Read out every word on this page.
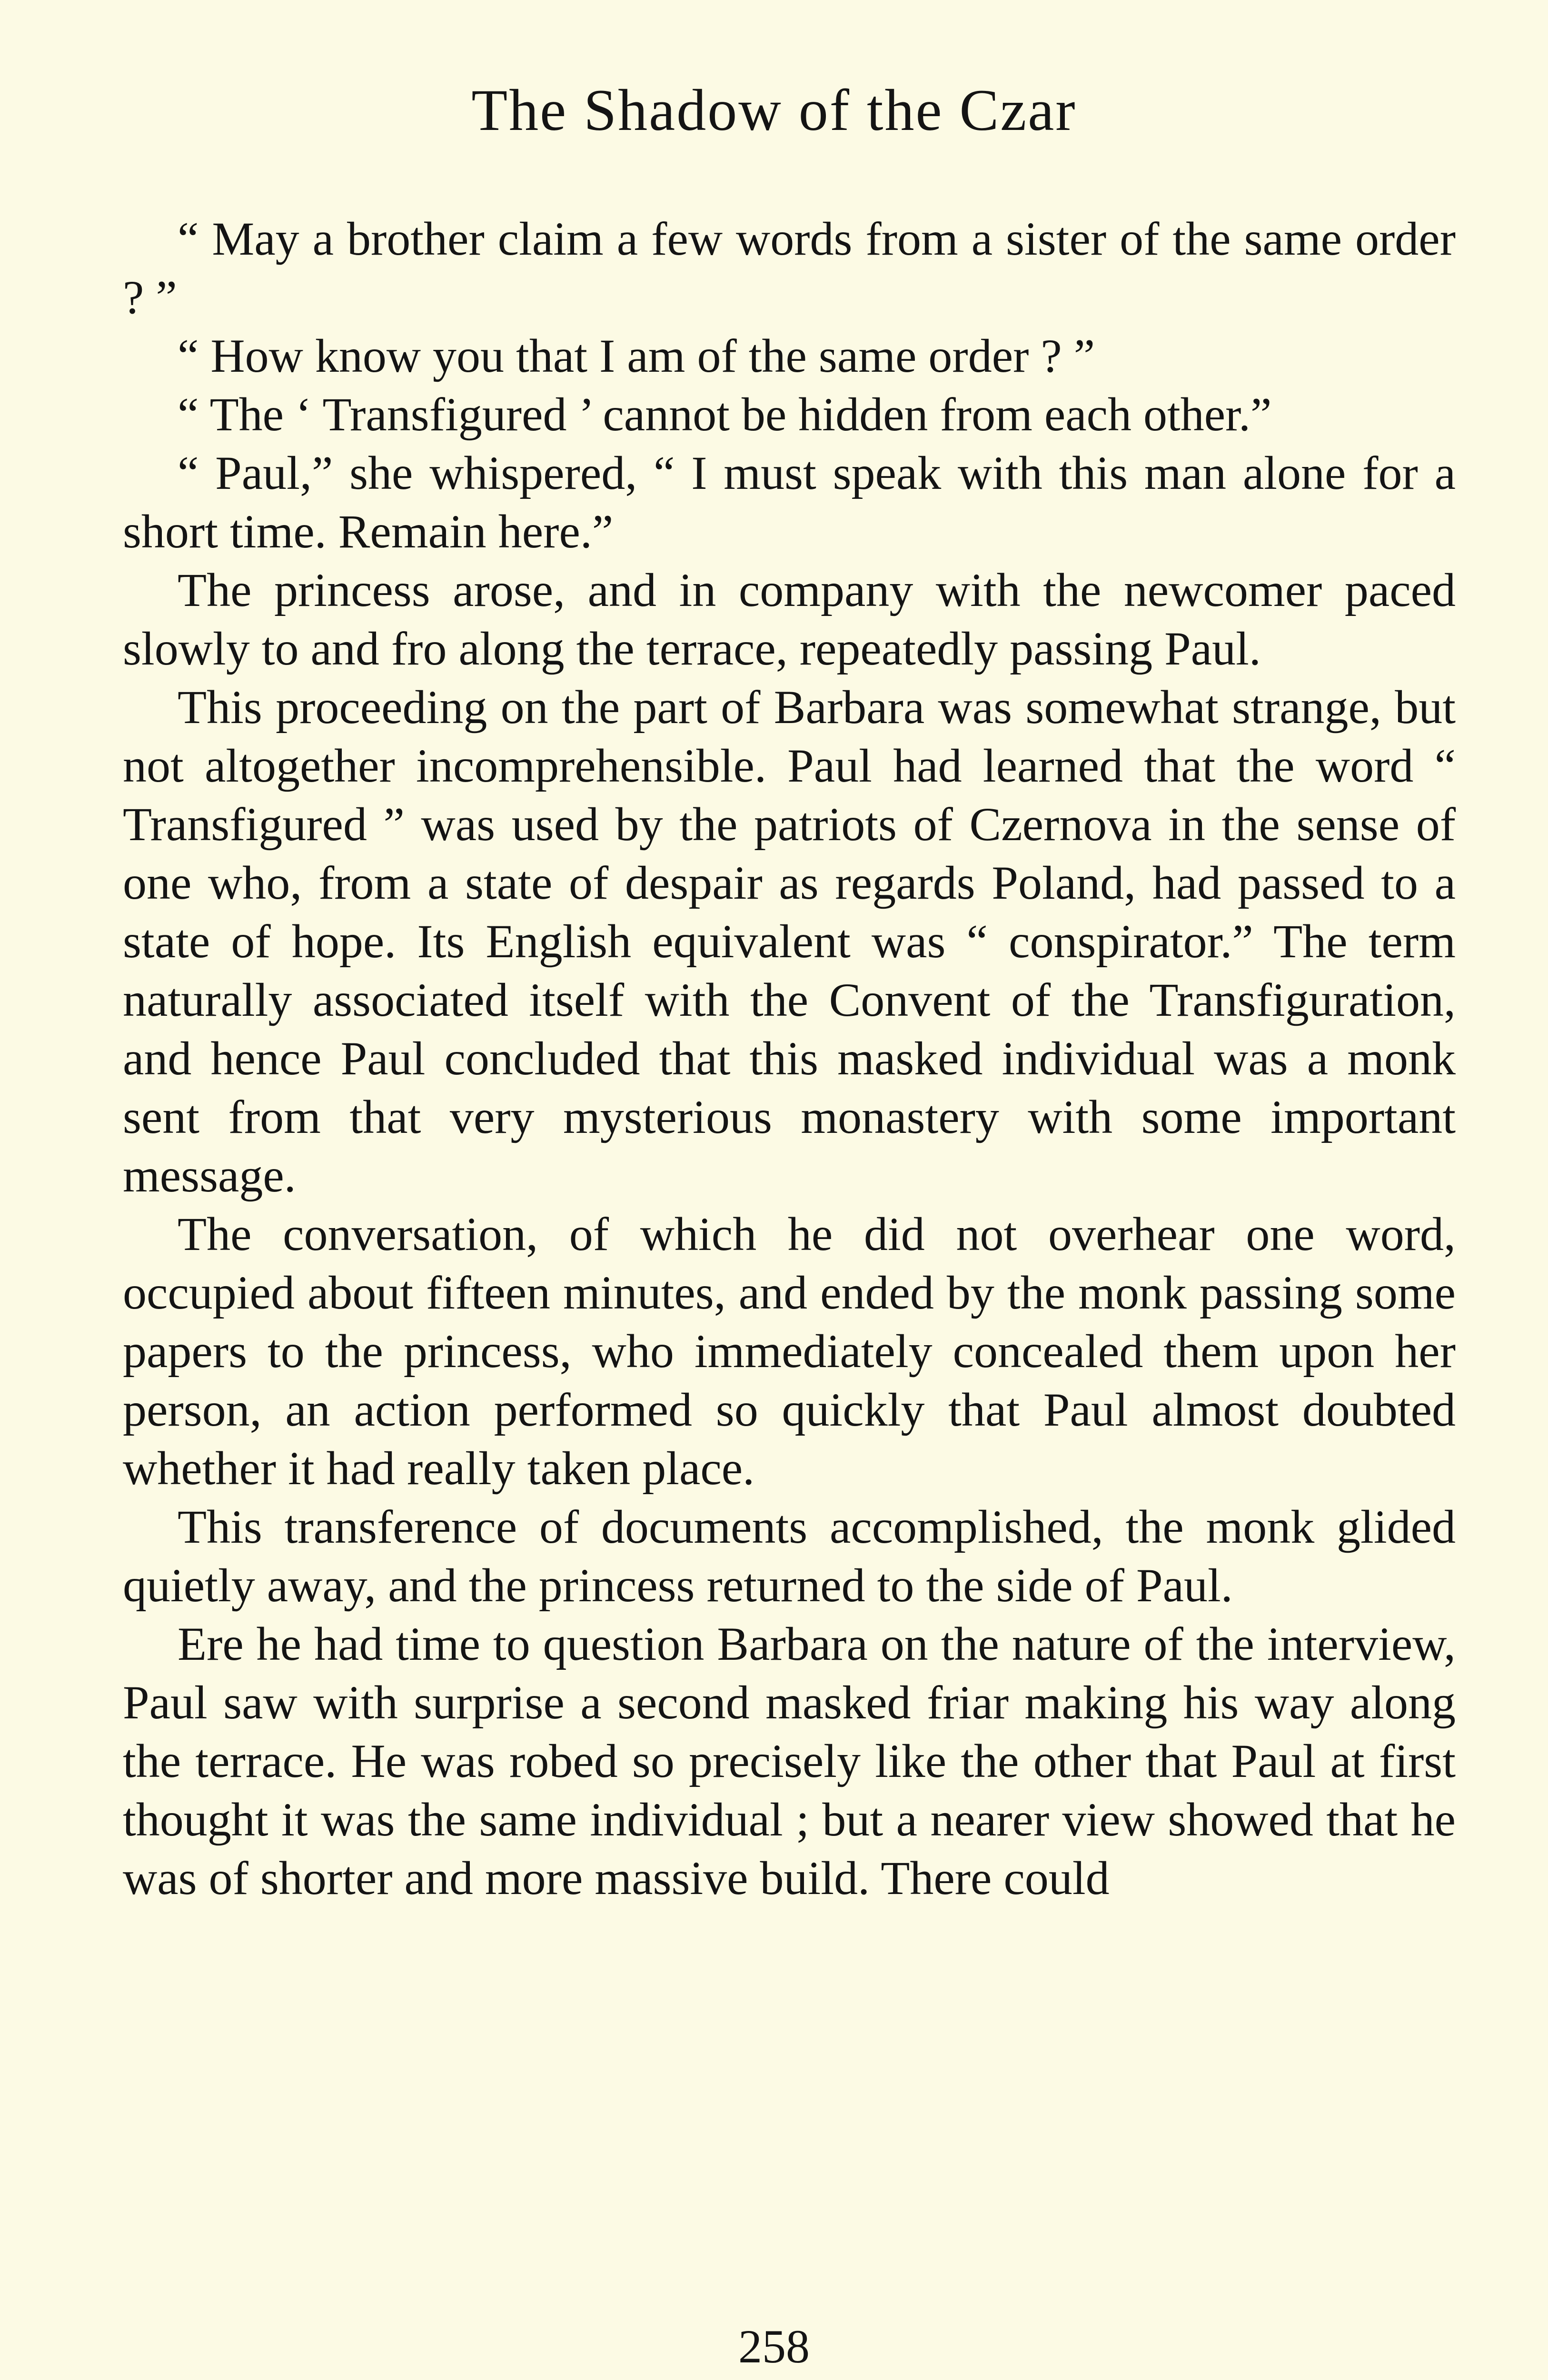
The Shadow of the Czar

“ May a brother claim a few words from a sister of the same order ? ”

“ How know you that I am of the same order ? ”

“ The ‘ Transfigured ’ cannot be hidden from each other.”

“ Paul,” she whispered, “ I must speak with this man alone for a short time. Remain here.”

The princess arose, and in company with the newcomer paced slowly to and fro along the terrace, repeatedly passing Paul.

This proceeding on the part of Barbara was somewhat strange, but not altogether incomprehensible. Paul had learned that the word “ Transfigured ” was used by the patriots of Czernova in the sense of one who, from a state of despair as regards Poland, had passed to a state of hope. Its English equivalent was “ conspirator.” The term naturally associated itself with the Convent of the Transfiguration, and hence Paul concluded that this masked individual was a monk sent from that very mysterious monastery with some important message.

The conversation, of which he did not overhear one word, occupied about fifteen minutes, and ended by the monk passing some papers to the princess, who immediately concealed them upon her person, an action performed so quickly that Paul almost doubted whether it had really taken place.

This transference of documents accomplished, the monk glided quietly away, and the princess returned to the side of Paul.

Ere he had time to question Barbara on the nature of the interview, Paul saw with surprise a second masked friar making his way along the terrace. He was robed so precisely like the other that Paul at first thought it was the same individual ; but a nearer view showed that he was of shorter and more massive build. There could

258
